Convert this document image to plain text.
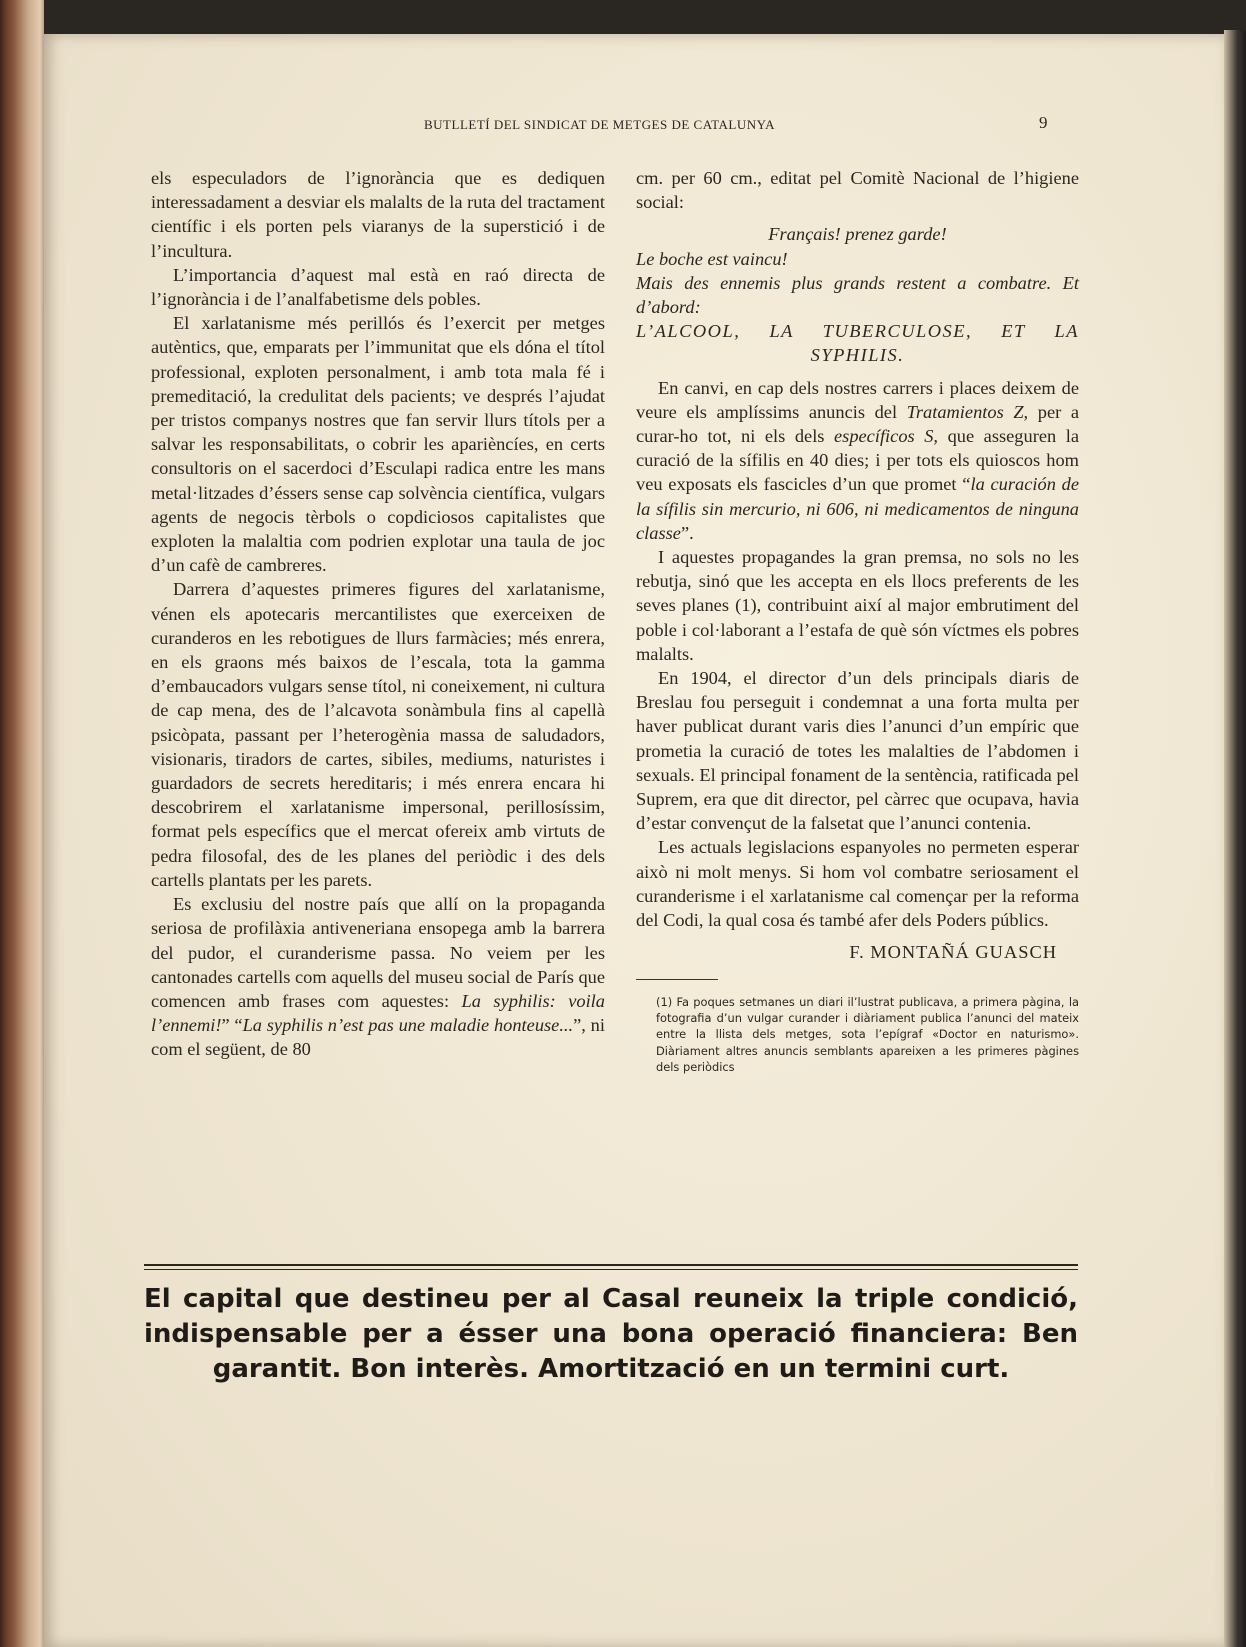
BUTLLETÍ DEL SINDICAT DE METGES DE CATALUNYA	9

els especuladors de l’ignorància que es dediquen interessadament a desviar els malalts de la ruta del tractament científic i els porten pels viaranys de la superstició i de l’incultura.

L’importancia d’aquest mal està en raó directa de l’ignorància i de l’analfabetisme dels pobles.

El xarlatanisme més perillós és l’exercit per metges autèntics, que, emparats per l’immunitat que els dóna el títol professional, exploten personalment, i amb tota mala fé i premeditació, la credulitat dels pacients; ve després l’ajudat per tristos companys nostres que fan servir llurs títols per a salvar les responsabilitats, o cobrir les aparièncíes, en certs consultoris on el sacerdoci d’Esculapi radica entre les mans metal·litzades d’éssers sense cap solvència científica, vulgars agents de negocis tèrbols o copdiciosos capitalistes que exploten la malaltia com podrien explotar una taula de joc d’un cafè de cambreres.

Darrera d’aquestes primeres figures del xarlatanisme, vénen els apotecaris mercantilistes que exerceixen de curanderos en les rebotigues de llurs farmàcies; més enrera, en els graons més baixos de l’escala, tota la gamma d’embaucadors vulgars sense títol, ni coneixement, ni cultura de cap mena, des de l’alcavota sonàmbula fins al capellà psicòpata, passant per l’heterogènia massa de saludadors, visionaris, tiradors de cartes, sibiles, mediums, naturistes i guardadors de secrets hereditaris; i més enrera encara hi descobrirem el xarlatanisme impersonal, perillosíssim, format pels específics que el mercat ofereix amb virtuts de pedra filosofal, des de les planes del periòdic i des dels cartells plantats per les parets.

Es exclusiu del nostre país que allí on la propaganda seriosa de profilàxia antiveneriana ensopega amb la barrera del pudor, el curanderisme passa. No veiem per les cantonades cartells com aquells del museu social de París que comencen amb frases com aquestes: La syphilis: voila l’ennemi!” “La syphilis n’est pas une maladie honteuse...”, ni com el següent, de 80

cm. per 60 cm., editat pel Comitè Nacional de l’higiene social:

Français! prenez garde!
Le boche est vaincu!
Mais des ennemis plus grands restent a combatre. Et d’abord:
L’ALCOOL, LA TUBERCULOSE, ET LA
SYPHILIS.

En canvi, en cap dels nostres carrers i places deixem de veure els amplíssims anuncis del Tratamientos Z, per a curar-ho tot, ni els dels específicos S, que asseguren la curació de la sífilis en 40 dies; i per tots els quioscos hom veu exposats els fascicles d’un que promet “la curación de la sífilis sin mercurio, ni 606, ni medicamentos de ninguna classe”.

I aquestes propagandes la gran premsa, no sols no les rebutja, sinó que les accepta en els llocs preferents de les seves planes (1), contribuint així al major embrutiment del poble i col·laborant a l’estafa de què són víctmes els pobres malalts.

En 1904, el director d’un dels principals diaris de Breslau fou perseguit i condemnat a una forta multa per haver publicat durant varis dies l’anunci d’un empíric que prometia la curació de totes les malalties de l’abdomen i sexuals. El principal fonament de la sentència, ratificada pel Suprem, era que dit director, pel càrrec que ocupava, havia d’estar convençut de la falsetat que l’anunci contenia.

Les actuals legislacions espanyoles no permeten esperar això ni molt menys. Si hom vol combatre seriosament el curanderisme i el xarlatanisme cal començar per la reforma del Codi, la qual cosa és també afer dels Poders públics.

F. MONTAÑÁ GUASCH
(1) Fa poques setmanes un diari il’lustrat publicava, a primera pàgina, la fotografia d’un vulgar curander i diàriament publica l’anunci del mateix entre la llista dels metges, sota l’epígraf «Doctor en naturismo». Diàriament altres anuncis semblants apareixen a les primeres pàgines dels periòdics
El capital que destineu per al Casal reuneix la triple condició, indispensable per a ésser una bona operació financiera: Ben garantit. Bon interès. Amortització en un termini curt.
